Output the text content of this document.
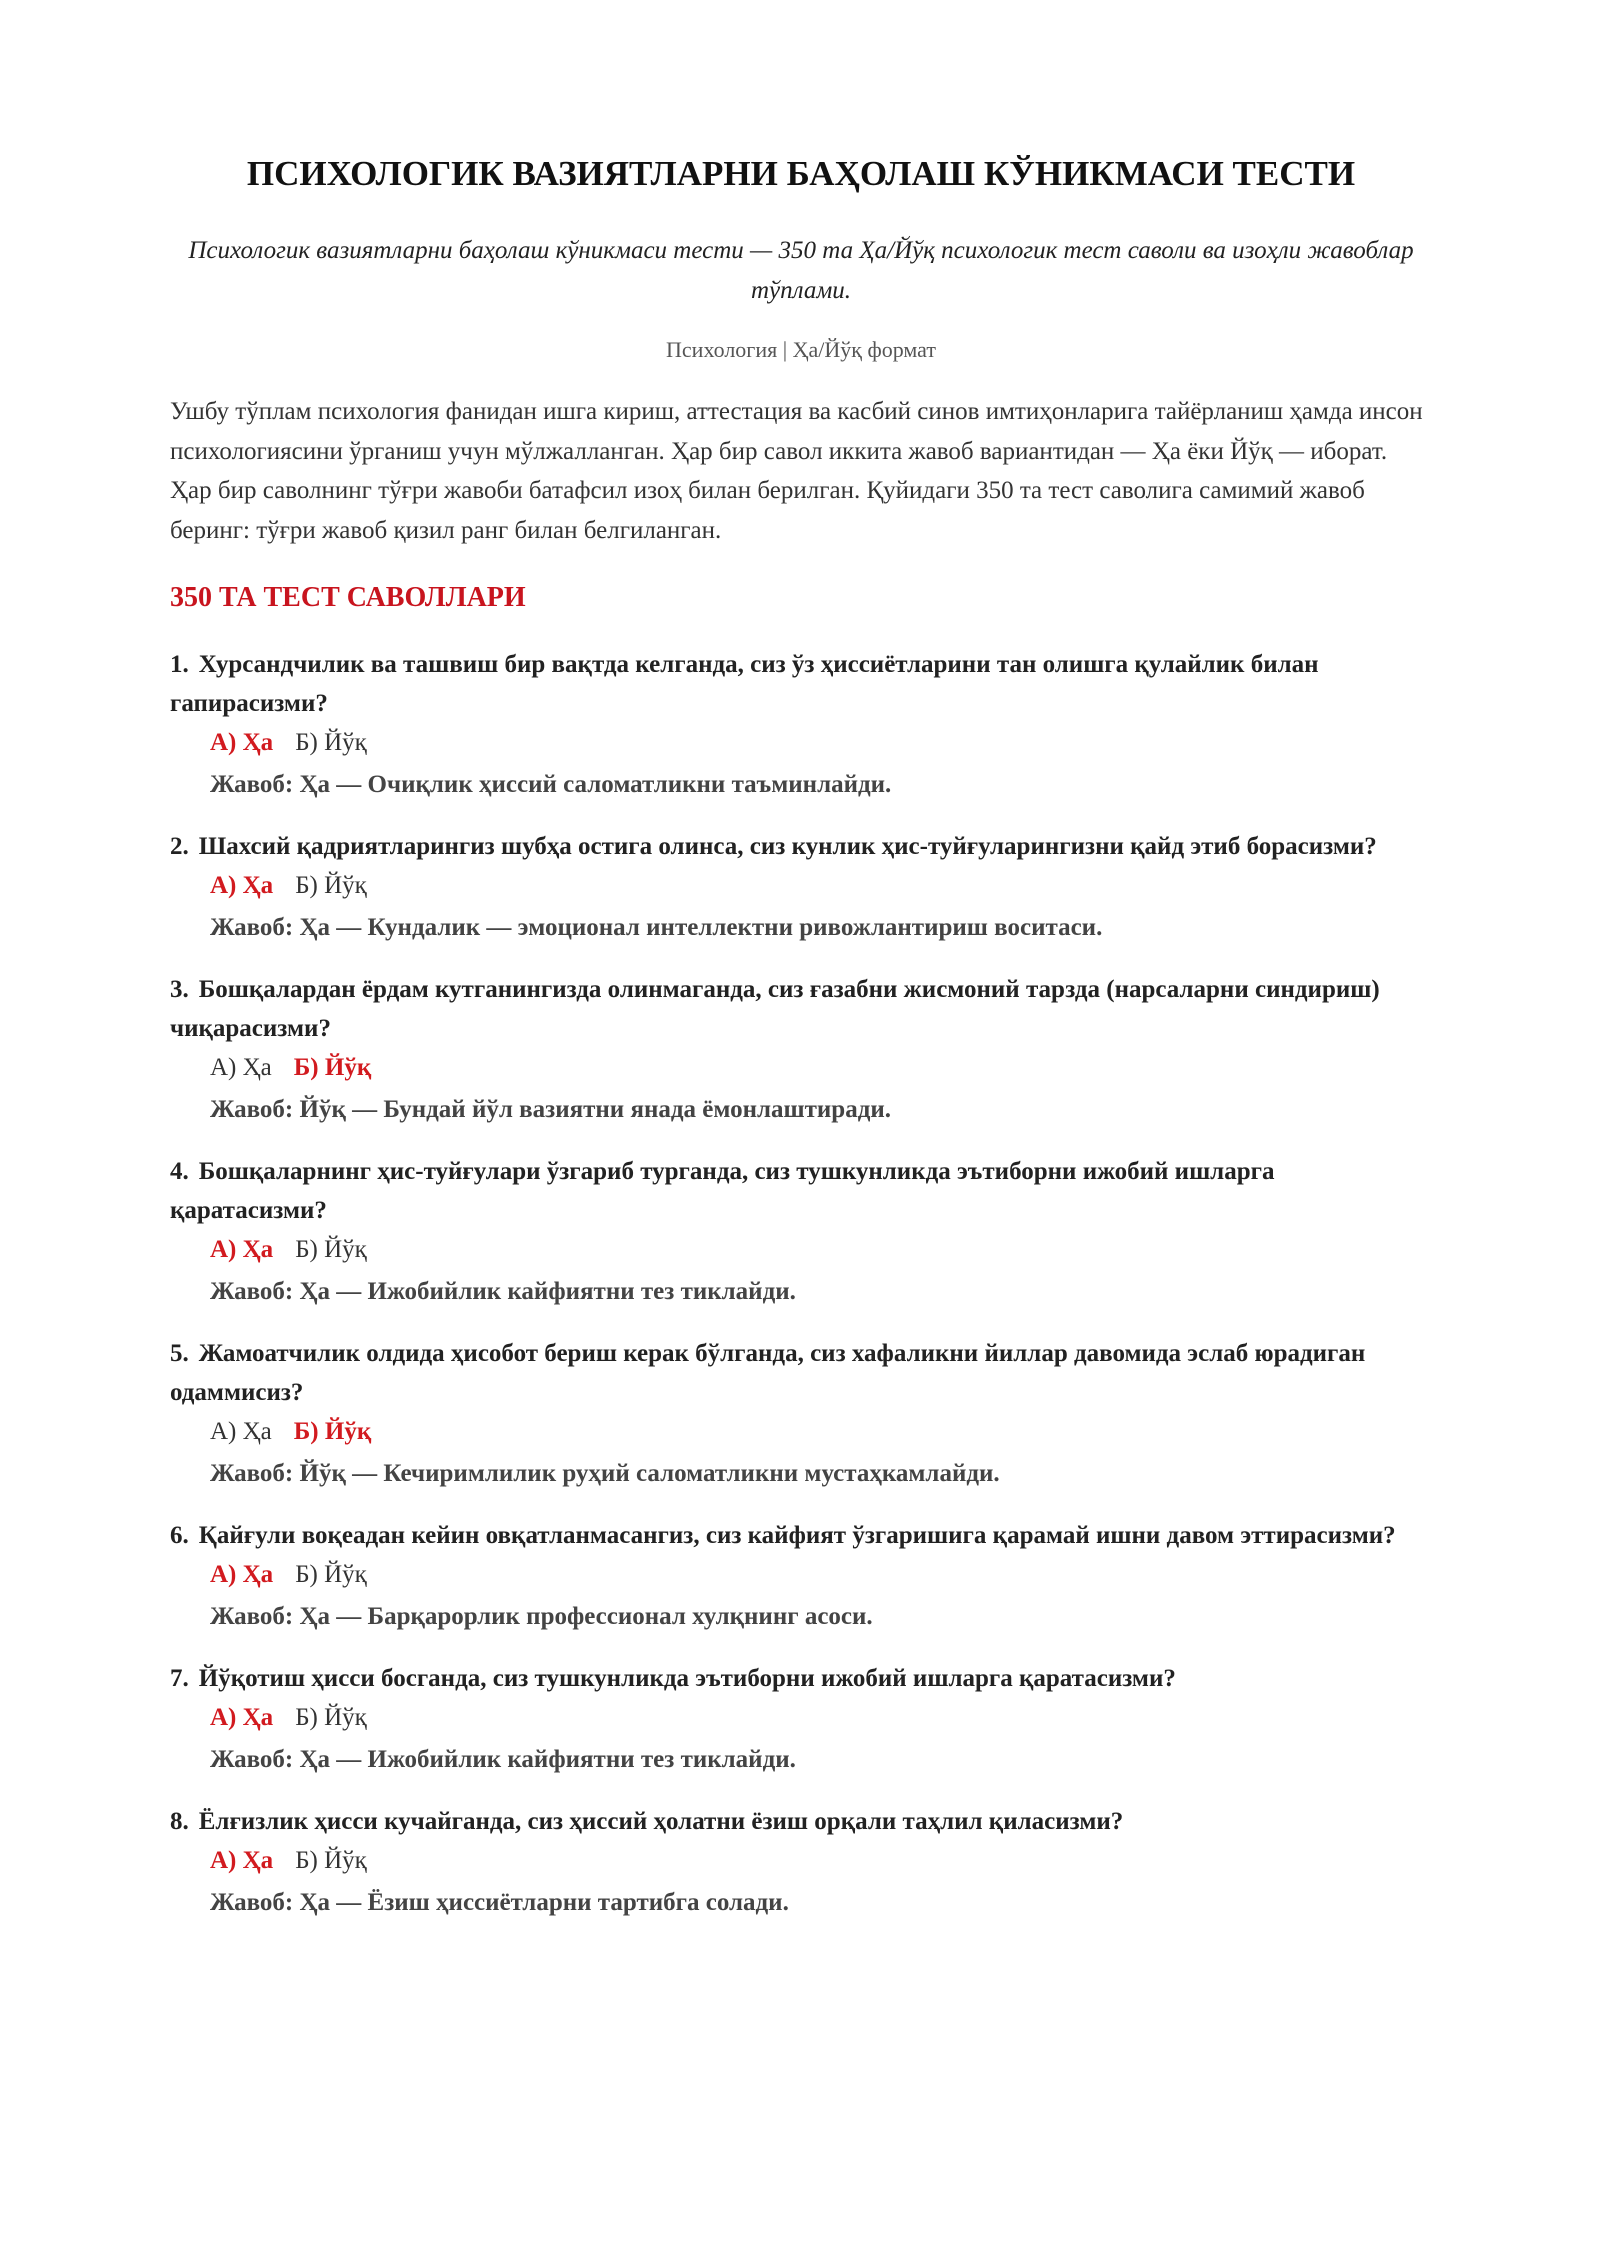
ПСИХОЛОГИК ВАЗИЯТЛАРНИ БАҲОЛАШ КЎНИКМАСИ ТЕСТИ

Психологик вазиятларни баҳолаш кўникмаси тести — 350 та Ҳа/Йўқ психологик тест саволи ва изоҳли жавоблар тўплами.

Психология | Ҳа/Йўқ формат

Ушбу тўплам психология фанидан ишга кириш, аттестация ва касбий синов имтиҳонларига тайёрланиш ҳамда инсон психологиясини ўрганиш учун мўлжалланган. Ҳар бир савол иккита жавоб вариантидан — Ҳа ёки Йўқ — иборат. Ҳар бир саволнинг тўғри жавоби батафсил изоҳ билан берилган. Қуйидаги 350 та тест саволига самимий жавоб беринг: тўғри жавоб қизил ранг билан белгиланган.

350 ТА ТЕСТ САВОЛЛАРИ
1. Хурсандчилик ва ташвиш бир вақтда келганда, сиз ўз ҳиссиётларини тан олишга қулайлик билан гапирасизми?
А) Ҳа Б) Йўқ
Жавоб: Ҳа — Очиқлик ҳиссий саломатликни таъминлайди.
2. Шахсий қадриятларингиз шубҳа остига олинса, сиз кунлик ҳис-туйғуларингизни қайд этиб борасизми?
А) Ҳа Б) Йўқ
Жавоб: Ҳа — Кундалик — эмоционал интеллектни ривожлантириш воситаси.
3. Бошқалардан ёрдам кутганингизда олинмаганда, сиз ғазабни жисмоний тарзда (нарсаларни синдириш) чиқарасизми?
А) Ҳа Б) Йўқ
Жавоб: Йўқ — Бундай йўл вазиятни янада ёмонлаштиради.
4. Бошқаларнинг ҳис-туйғулари ўзгариб турганда, сиз тушкунликда эътиборни ижобий ишларга қаратасизми?
А) Ҳа Б) Йўқ
Жавоб: Ҳа — Ижобийлик кайфиятни тез тиклайди.
5. Жамоатчилик олдида ҳисобот бериш керак бўлганда, сиз хафаликни йиллар давомида эслаб юрадиган одаммисиз?
А) Ҳа Б) Йўқ
Жавоб: Йўқ — Кечиримлилик руҳий саломатликни мустаҳкамлайди.
6. Қайғули воқеадан кейин овқатланмасангиз, сиз кайфият ўзгаришига қарамай ишни давом эттирасизми?
А) Ҳа Б) Йўқ
Жавоб: Ҳа — Барқарорлик профессионал хулқнинг асоси.
7. Йўқотиш ҳисси босганда, сиз тушкунликда эътиборни ижобий ишларга қаратасизми?
А) Ҳа Б) Йўқ
Жавоб: Ҳа — Ижобийлик кайфиятни тез тиклайди.
8. Ёлғизлик ҳисси кучайганда, сиз ҳиссий ҳолатни ёзиш орқали таҳлил қиласизми?
А) Ҳа Б) Йўқ
Жавоб: Ҳа — Ёзиш ҳиссиётларни тартибга солади.
